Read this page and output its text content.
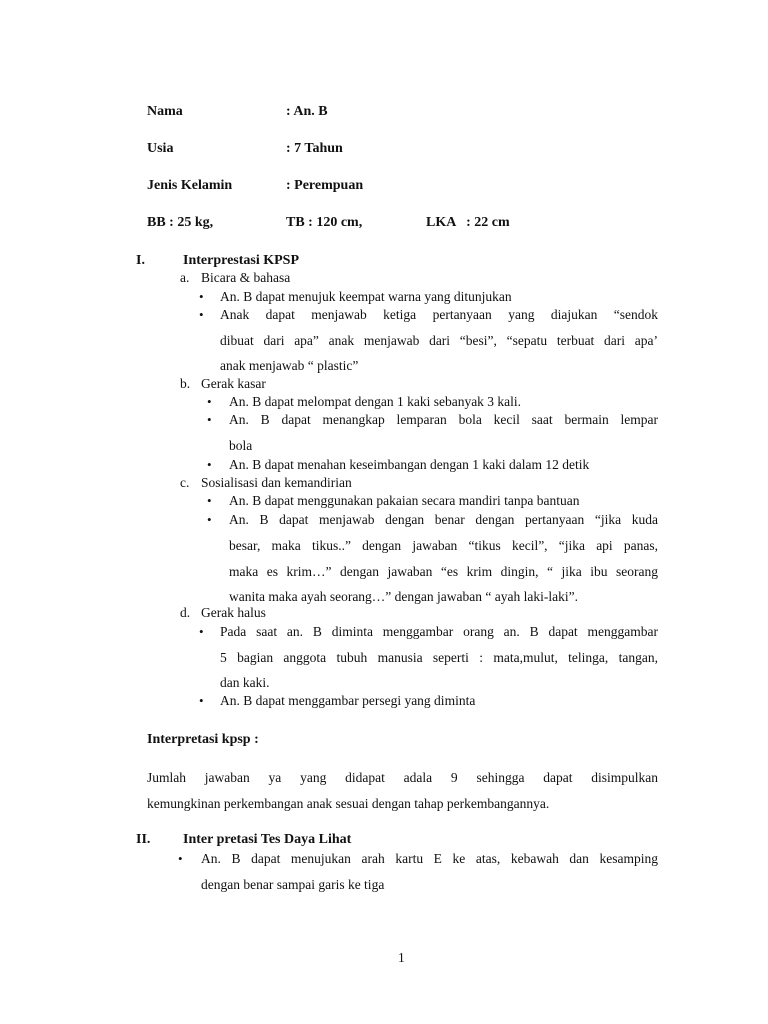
Nama	: An. B
Usia	: 7 Tahun
Jenis Kelamin	: Perempuan
BB : 25 kg,	TB : 120 cm,	LKA   : 22 cm
I.	Interprestasi KPSP
a. Bicara & bahasa
• An. B dapat menujuk keempat warna yang ditunjukan
• Anak dapat menjawab ketiga pertanyaan yang diajukan “sendok
dibuat dari apa” anak menjawab dari “besi”, “sepatu terbuat dari apa’
anak menjawab “ plastic”
b. Gerak kasar
• An. B dapat melompat dengan 1 kaki sebanyak 3 kali.
• An. B dapat menangkap lemparan bola kecil saat bermain lempar
bola
• An. B dapat menahan keseimbangan dengan 1 kaki dalam 12 detik
c. Sosialisasi dan kemandirian
• An. B dapat menggunakan pakaian secara mandiri tanpa bantuan
• An. B dapat menjawab dengan benar dengan pertanyaan “jika kuda
besar, maka tikus..” dengan jawaban “tikus kecil”, “jika api panas,
maka es krim…” dengan jawaban “es krim dingin, “ jika ibu seorang
wanita maka ayah seorang…” dengan jawaban “ ayah laki-laki”.
d. Gerak halus
• Pada saat an. B diminta menggambar orang an. B dapat menggambar
5 bagian anggota tubuh manusia seperti : mata,mulut, telinga, tangan,
dan kaki.
• An. B dapat menggambar persegi yang diminta
Interpretasi kpsp :
Jumlah jawaban ya yang didapat adala 9 sehingga dapat disimpulkan
kemungkinan perkembangan anak sesuai dengan tahap perkembangannya.
II. Inter pretasi Tes Daya Lihat
• An. B dapat menujukan arah kartu E ke atas, kebawah dan kesamping
dengan benar sampai garis ke tiga
1
